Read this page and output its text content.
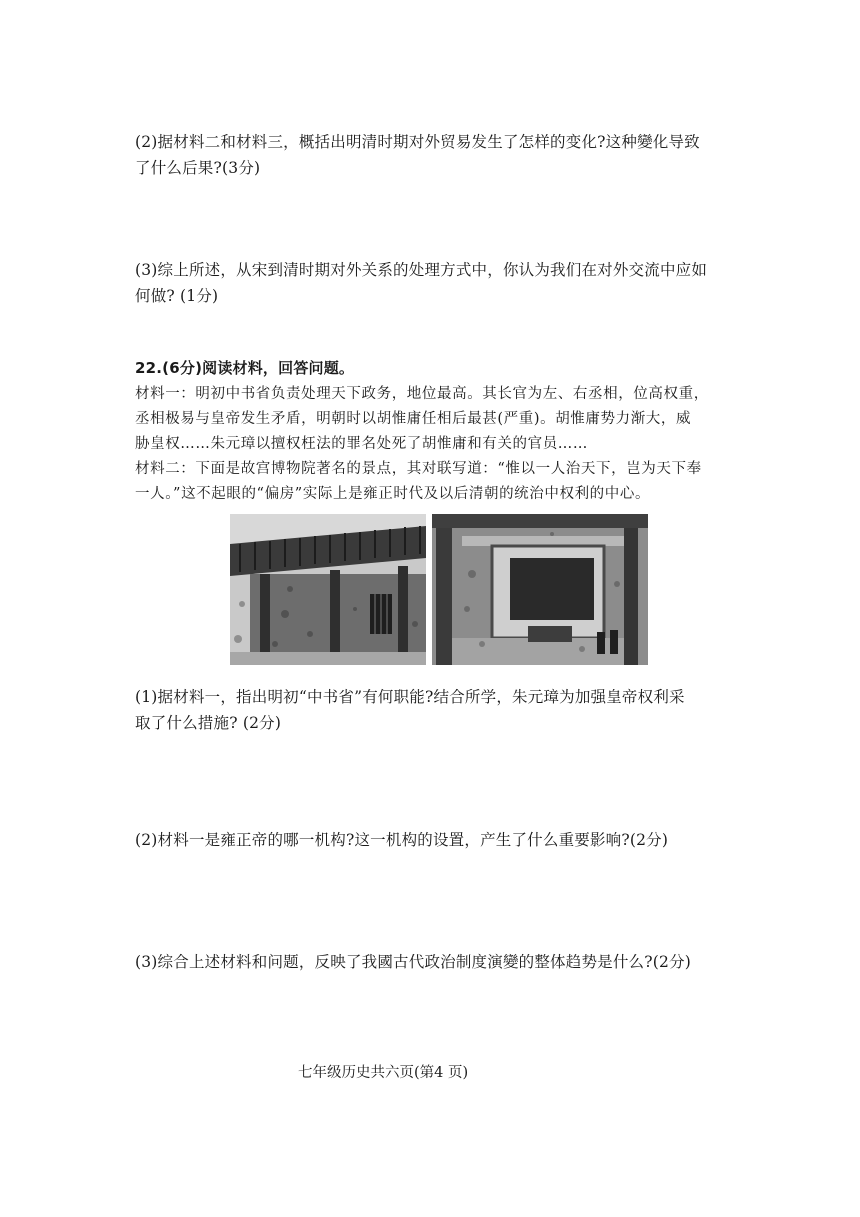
(2)据材料二和材料三，概括出明清时期对外贸易发生了怎样的变化?这种變化导致
了什么后果?(3分)
(3)综上所述，从宋到清时期对外关系的处理方式中，你认为我们在对外交流中应如
何做? (1分)
22.(6分)阅读材料，回答问题。
材料一：明初中书省负责处理天下政务，地位最高。其长官为左、右丞相，位高权重，
丞相极易与皇帝发生矛盾，明朝时以胡惟庸任相后最甚(严重)。胡惟庸势力渐大，威
胁皇权……朱元璋以擅权枉法的罪名处死了胡惟庸和有关的官员……
材料二：下面是故宫博物院著名的景点，其对联写道：“惟以一人治天下，岂为天下奉
一人。”这不起眼的“偏房”实际上是雍正时代及以后清朝的统治中权利的中心。
(1)据材料一，指出明初“中书省”有何职能?结合所学，朱元璋为加强皇帝权利采
取了什么措施? (2分)
(2)材料一是雍正帝的哪一机构?这一机构的设置，产生了什么重要影响?(2分)
(3)综合上述材料和问题，反映了我國古代政治制度演變的整体趋势是什么?(2分)
七年级历史共六页(第4 页)
